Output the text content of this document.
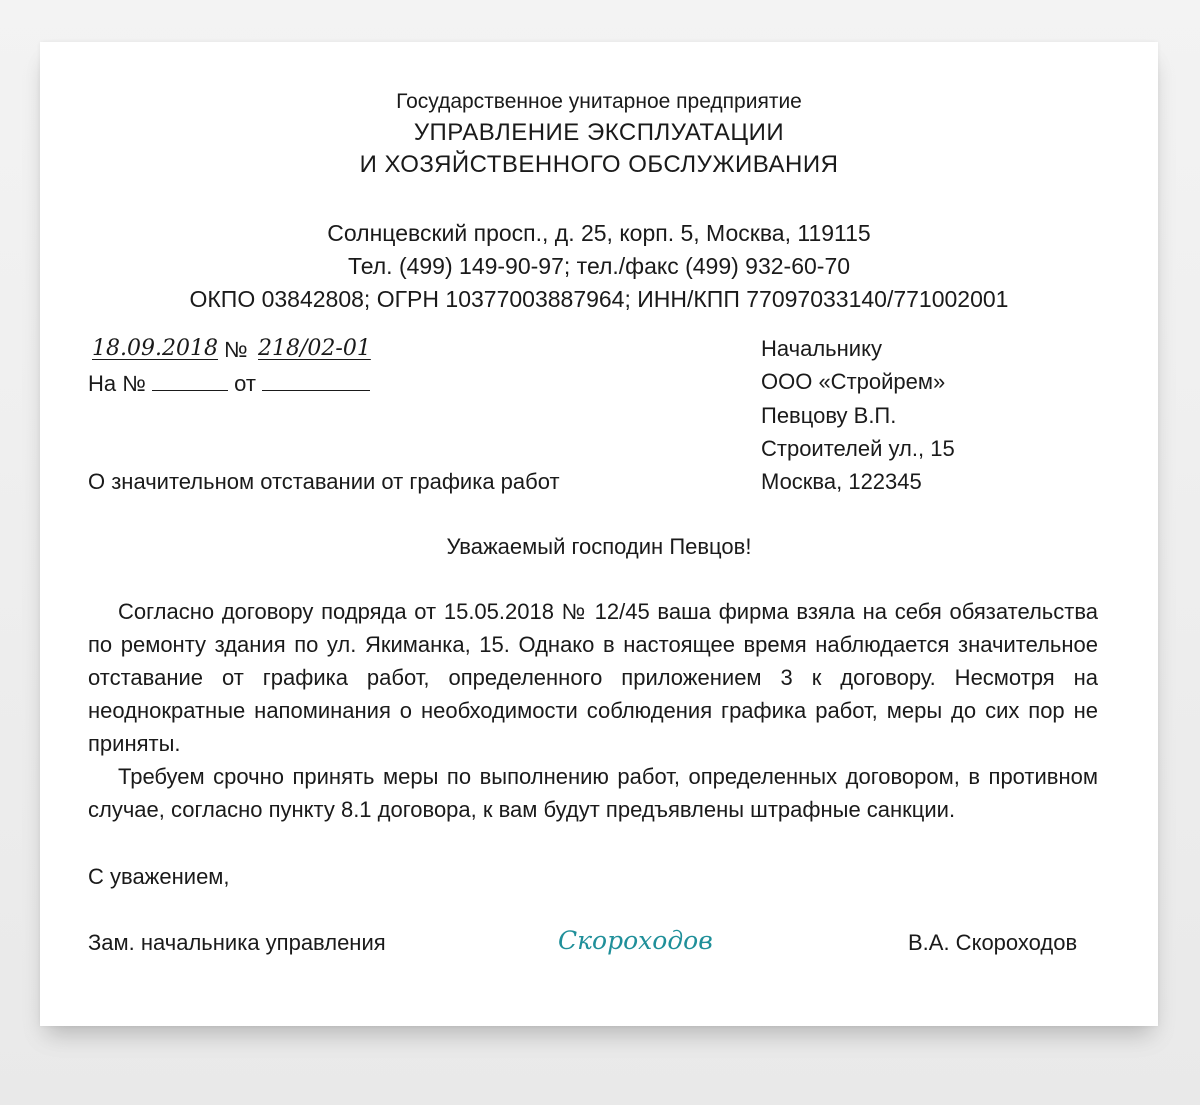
Государственное унитарное предприятие
УПРАВЛЕНИЕ ЭКСПЛУАТАЦИИ
И ХОЗЯЙСТВЕННОГО ОБСЛУЖИВАНИЯ
Солнцевский просп., д. 25, корп. 5, Москва, 119115
Тел. (499) 149-90-97; тел./факс (499) 932-60-70
ОКПО 03842808; ОГРН 10377003887964; ИНН/КПП 77097033140/771002001
18.09.2018 № 218/02-01
На №	от
Начальнику
ООО «Стройрем»
Певцову В.П.
Строителей ул., 15
Москва, 122345
О значительном отставании от графика работ
Уважаемый господин Певцов!

Согласно договору подряда от 15.05.2018 № 12/45 ваша фирма взяла на себя обязательства по ремонту здания по ул. Якиманка, 15. Однако в настоящее время наблюдается значительное отставание от графика работ, определенного приложением 3 к договору. Несмотря на неоднократные напоминания о необходимости соблюдения графика работ, меры до сих пор не приняты.

Требуем срочно принять меры по выполнению работ, определенных договором, в противном случае, согласно пункту 8.1 договора, к вам будут предъявлены штрафные санкции.

С уважением,
Зам. начальника управления	Скороходов	В.А. Скороходов
